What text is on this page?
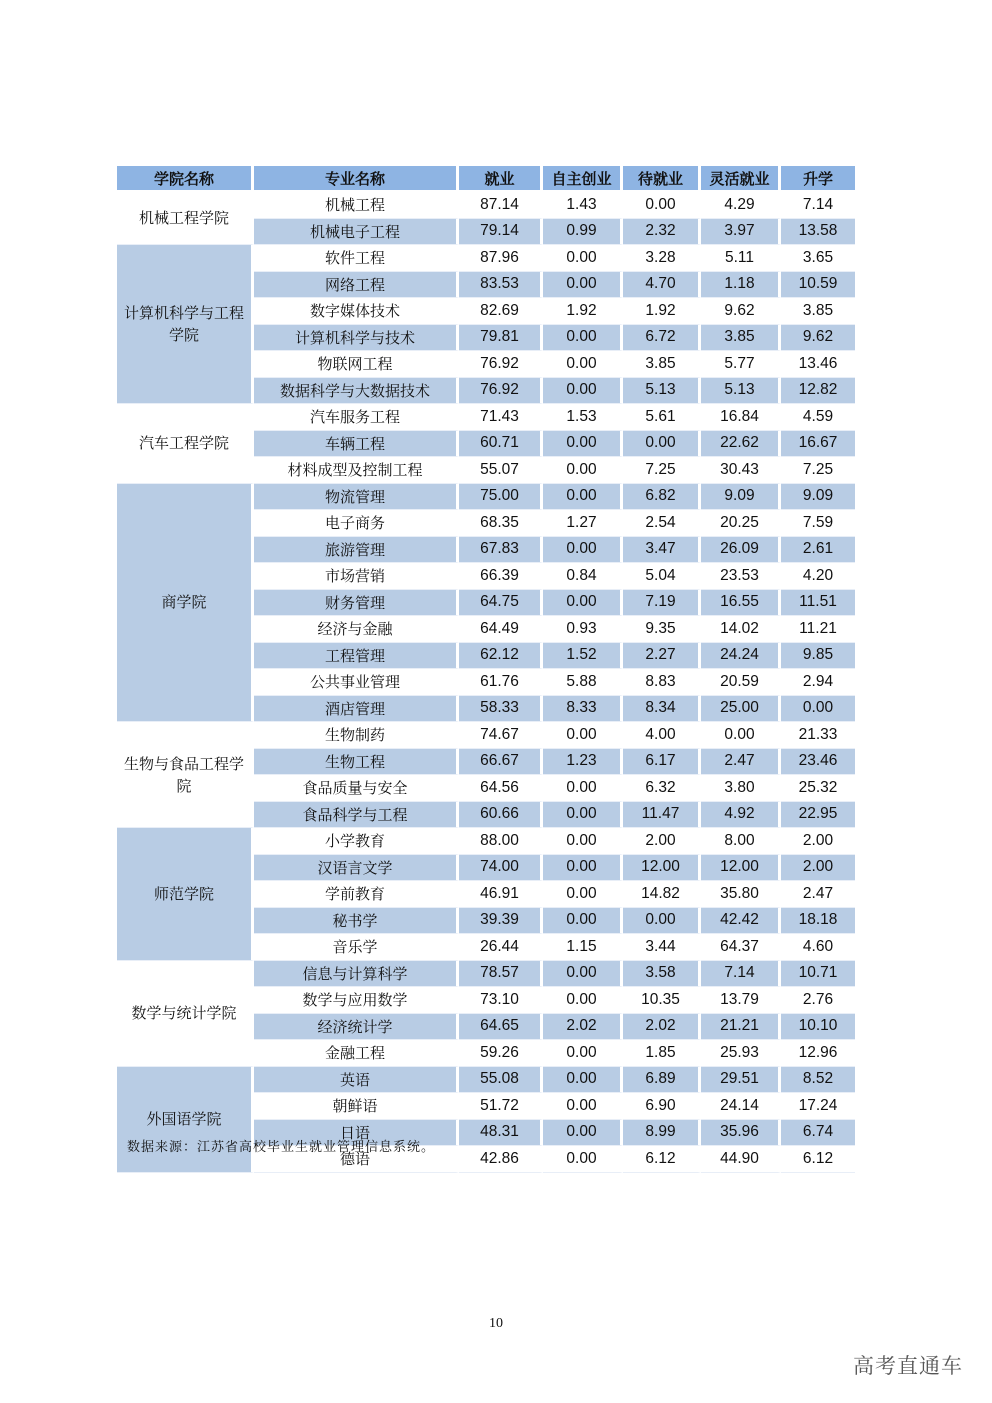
学院名称	专业名称	就业	自主创业	待就业	灵活就业	升学
机械工程学院	机械工程	87.14	1.43	0.00	4.29	7.14
	机械电子工程	79.14	0.99	2.32	3.97	13.58
计算机科学与工程学院	软件工程	87.96	0.00	3.28	5.11	3.65
	网络工程	83.53	0.00	4.70	1.18	10.59
	数字媒体技术	82.69	1.92	1.92	9.62	3.85
	计算机科学与技术	79.81	0.00	6.72	3.85	9.62
	物联网工程	76.92	0.00	3.85	5.77	13.46
	数据科学与大数据技术	76.92	0.00	5.13	5.13	12.82
汽车工程学院	汽车服务工程	71.43	1.53	5.61	16.84	4.59
	车辆工程	60.71	0.00	0.00	22.62	16.67
	材料成型及控制工程	55.07	0.00	7.25	30.43	7.25
商学院	物流管理	75.00	0.00	6.82	9.09	9.09
	电子商务	68.35	1.27	2.54	20.25	7.59
	旅游管理	67.83	0.00	3.47	26.09	2.61
	市场营销	66.39	0.84	5.04	23.53	4.20
	财务管理	64.75	0.00	7.19	16.55	11.51
	经济与金融	64.49	0.93	9.35	14.02	11.21
	工程管理	62.12	1.52	2.27	24.24	9.85
	公共事业管理	61.76	5.88	8.83	20.59	2.94
	酒店管理	58.33	8.33	8.34	25.00	0.00
生物与食品工程学院	生物制药	74.67	0.00	4.00	0.00	21.33
	生物工程	66.67	1.23	6.17	2.47	23.46
	食品质量与安全	64.56	0.00	6.32	3.80	25.32
	食品科学与工程	60.66	0.00	11.47	4.92	22.95
师范学院	小学教育	88.00	0.00	2.00	8.00	2.00
	汉语言文学	74.00	0.00	12.00	12.00	2.00
	学前教育	46.91	0.00	14.82	35.80	2.47
	秘书学	39.39	0.00	0.00	42.42	18.18
	音乐学	26.44	1.15	3.44	64.37	4.60
数学与统计学院	信息与计算科学	78.57	0.00	3.58	7.14	10.71
	数学与应用数学	73.10	0.00	10.35	13.79	2.76
	经济统计学	64.65	2.02	2.02	21.21	10.10
	金融工程	59.26	0.00	1.85	25.93	12.96
外国语学院	英语	55.08	0.00	6.89	29.51	8.52
	朝鲜语	51.72	0.00	6.90	24.14	17.24
	日语	48.31	0.00	8.99	35.96	6.74
	德语	42.86	0.00	6.12	44.90	6.12
数据来源：江苏省高校毕业生就业管理信息系统。
10
高考直通车
